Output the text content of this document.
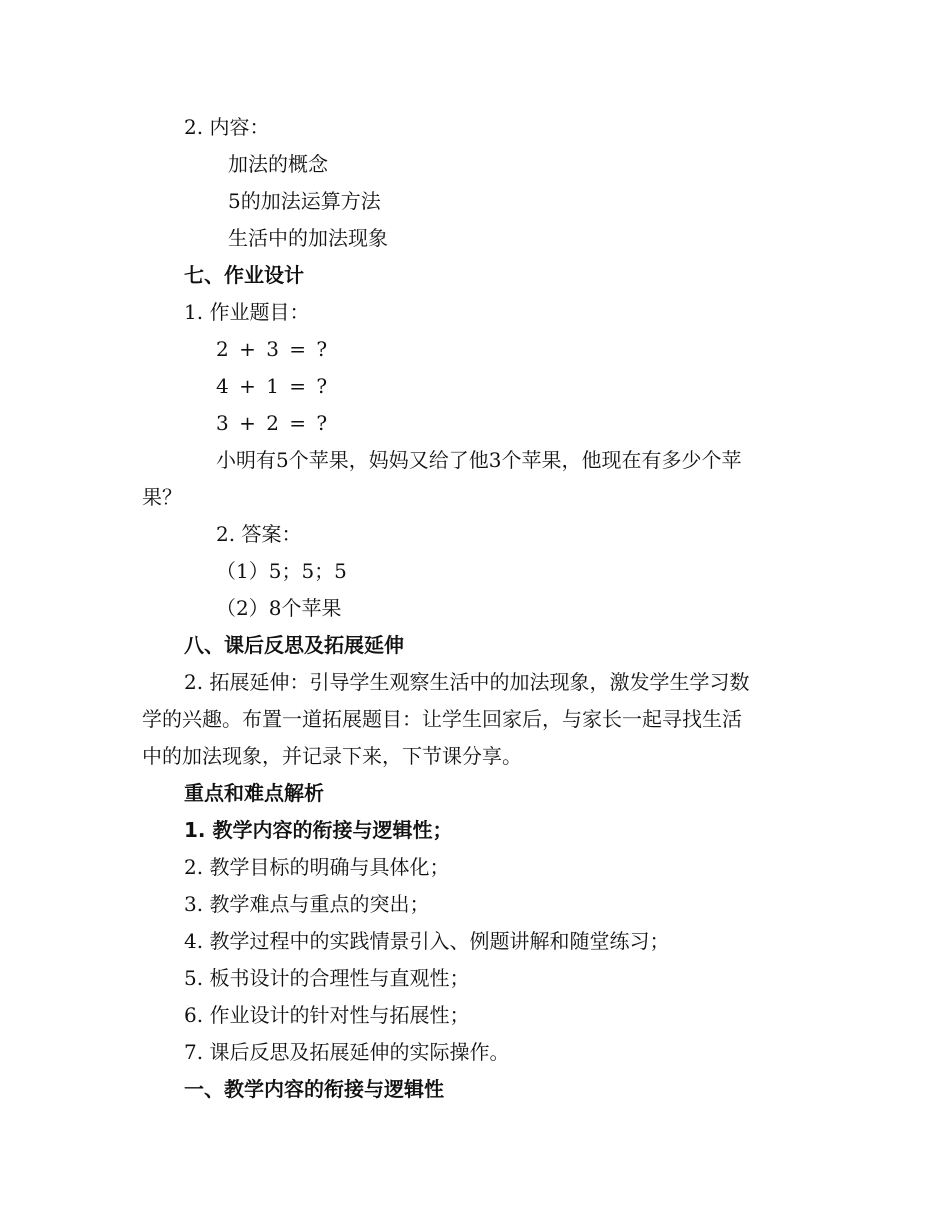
2. 内容：
加法的概念
5的加法运算方法
生活中的加法现象
七、作业设计
1. 作业题目：
2 + 3 = ?
4 + 1 = ?
3 + 2 = ?
小明有5个苹果，妈妈又给了他3个苹果，他现在有多少个苹
果？
2. 答案：
（1）5；5；5
（2）8个苹果
八、课后反思及拓展延伸
2. 拓展延伸：引导学生观察生活中的加法现象，激发学生学习数
学的兴趣。布置一道拓展题目：让学生回家后，与家长一起寻找生活
中的加法现象，并记录下来，下节课分享。
重点和难点解析
1. 教学内容的衔接与逻辑性；
2. 教学目标的明确与具体化；
3. 教学难点与重点的突出；
4. 教学过程中的实践情景引入、例题讲解和随堂练习；
5. 板书设计的合理性与直观性；
6. 作业设计的针对性与拓展性；
7. 课后反思及拓展延伸的实际操作。
一、教学内容的衔接与逻辑性
